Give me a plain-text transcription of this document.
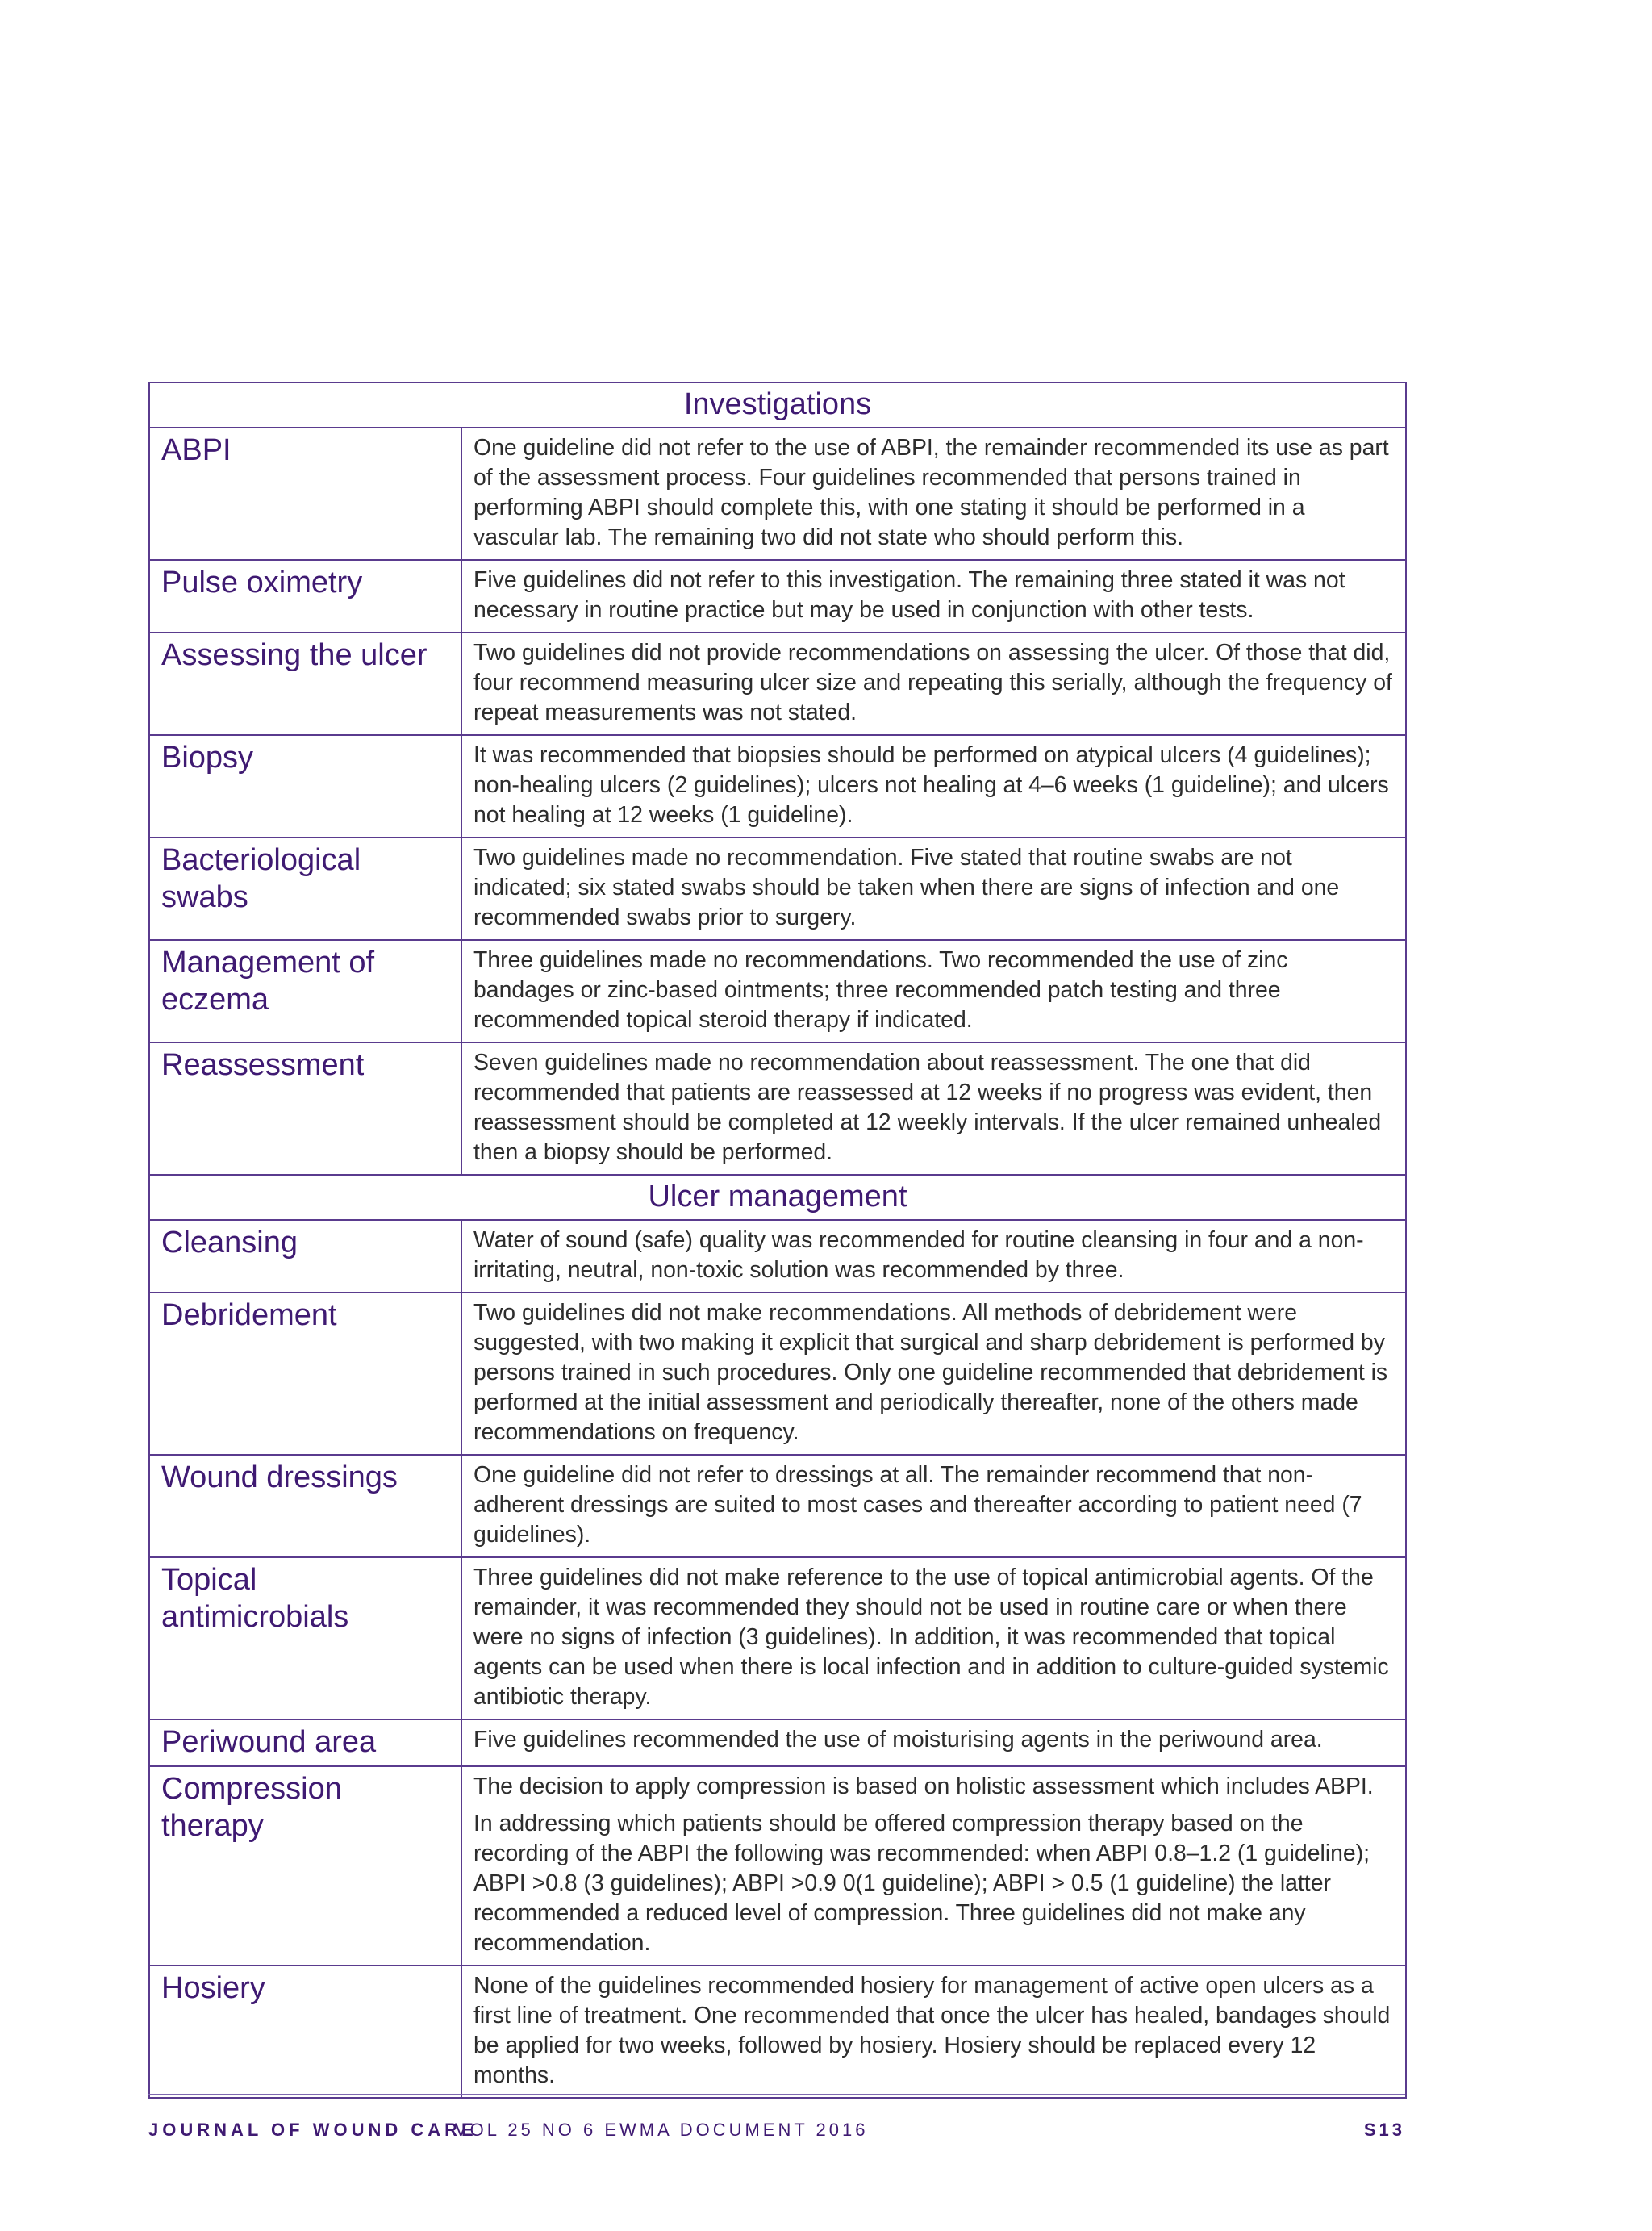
Investigations	
ABPI	One guideline did not refer to the use of ABPI, the remainder recommended its use as part of the assessment process. Four guidelines recommended that persons trained in performing ABPI should complete this, with one stating it should be performed in a vascular lab. The remaining two did not state who should perform this.

Pulse oximetry	Five guidelines did not refer to this investigation. The remaining three stated it was not necessary in routine practice but may be used in conjunction with other tests.

Assessing the ulcer	Two guidelines did not provide recommendations on assessing the ulcer. Of those that did, four recommend measuring ulcer size and repeating this serially, although the frequency of repeat measurements was not stated.

Biopsy	It was recommended that biopsies should be performed on atypical ulcers (4 guidelines); non-healing ulcers (2 guidelines); ulcers not healing at 4–6 weeks (1 guideline); and ulcers not healing at 12 weeks (1 guideline).

Bacteriological swabs	Two guidelines made no recommendation. Five stated that routine swabs are not indicated; six stated swabs should be taken when there are signs of infection and one recommended swabs prior to surgery.

Management of eczema	Three guidelines made no recommendations. Two recommended the use of zinc bandages or zinc-based ointments; three recommended patch testing and three recommended topical steroid therapy if indicated.

Reassessment	Seven guidelines made no recommendation about reassessment. The one that did recommended that patients are reassessed at 12 weeks if no progress was evident, then reassessment should be completed at 12 weekly intervals. If the ulcer remained unhealed then a biopsy should be performed.

Ulcer management	
Cleansing	Water of sound (safe) quality was recommended for routine cleansing in four and a non-irritating, neutral, non-toxic solution was recommended by three.

Debridement	Two guidelines did not make recommendations. All methods of debridement were suggested, with two making it explicit that surgical and sharp debridement is performed by persons trained in such procedures. Only one guideline recommended that debridement is performed at the initial assessment and periodically thereafter, none of the others made recommendations on frequency.

Wound dressings	One guideline did not refer to dressings at all. The remainder recommend that non-adherent dressings are suited to most cases and thereafter according to patient need (7 guidelines).

Topical antimicrobials	Three guidelines did not make reference to the use of topical antimicrobial agents. Of the remainder, it was recommended they should not be used in routine care or when there were no signs of infection (3 guidelines). In addition, it was recommended that topical agents can be used when there is local infection and in addition to culture-guided systemic antibiotic therapy.

Periwound area	Five guidelines recommended the use of moisturising agents in the periwound area.

Compression therapy	The decision to apply compression is based on holistic assessment which includes ABPI.

In addressing which patients should be offered compression therapy based on the recording of the ABPI the following was recommended: when ABPI 0.8–1.2 (1 guideline); ABPI >0.8 (3 guidelines); ABPI >0.9 0(1 guideline); ABPI > 0.5 (1 guideline) the latter recommended a reduced level of compression. Three guidelines did not make any recommendation.

Hosiery	None of the guidelines recommended hosiery for management of active open ulcers as a first line of treatment. One recommended that once the ulcer has healed, bandages should be applied for two weeks, followed by hosiery. Hosiery should be replaced every 12 months.

JOURNAL OF WOUND CARE
VOL 25 NO 6 EWMA DOCUMENT 2016	S13
